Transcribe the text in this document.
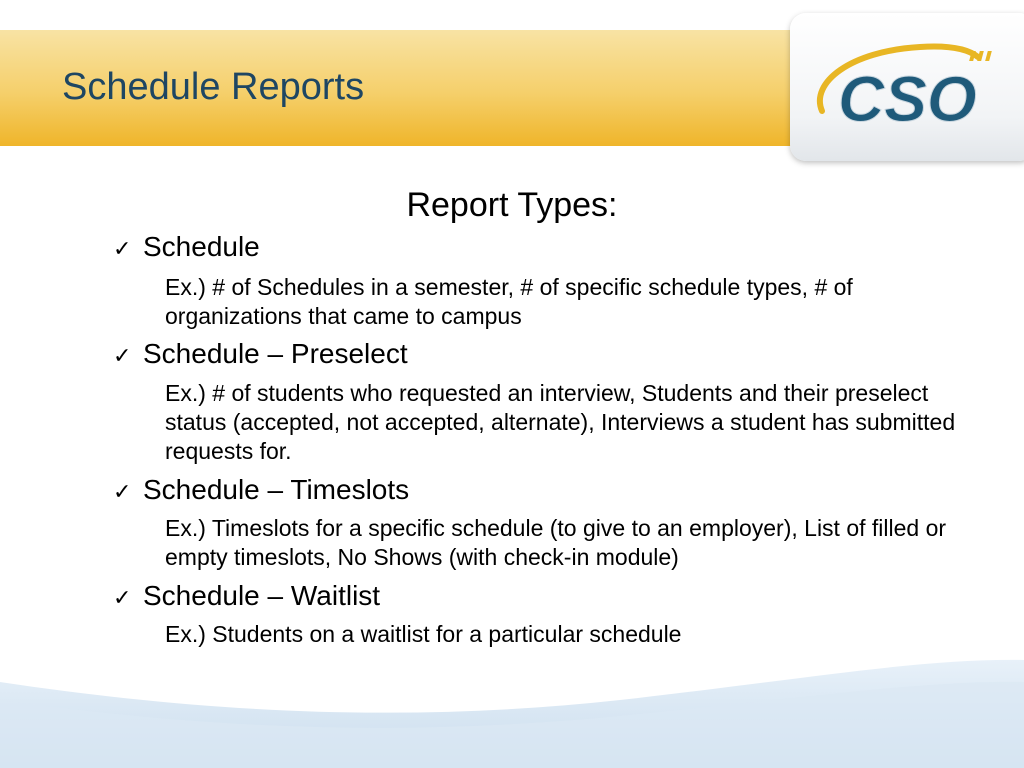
Schedule Reports	CSO
Report Types:
✓ Schedule
Ex.) # of Schedules in a semester, # of specific schedule types, # of organizations that came to campus
✓ Schedule – Preselect
Ex.) # of students who requested an interview, Students and their preselect status (accepted, not accepted, alternate), Interviews a student has submitted requests for.
✓ Schedule – Timeslots
Ex.) Timeslots for a specific schedule (to give to an employer), List of filled or empty timeslots, No Shows (with check-in module)
✓ Schedule – Waitlist
Ex.) Students on a waitlist for a particular schedule
